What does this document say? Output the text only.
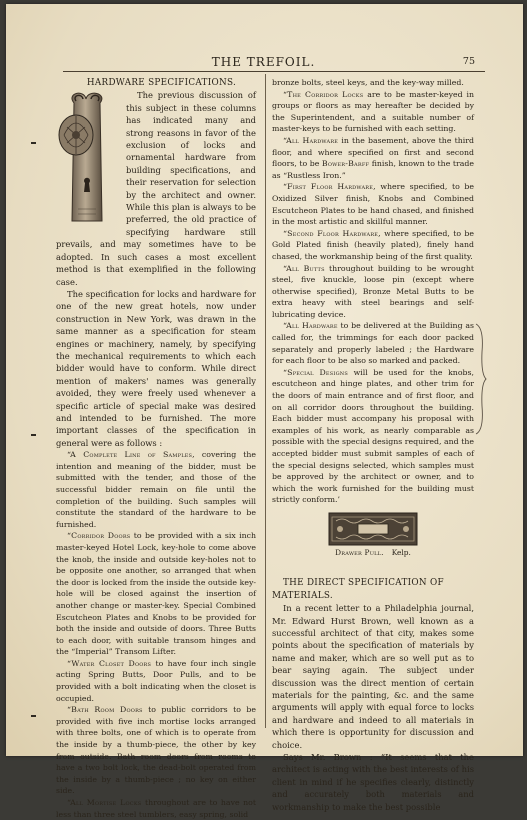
THE TREFOIL.	75

HARDWARE SPECIFICATIONS.

The previous discussion of this subject in these columns has indicated many and strong reasons in favor of the exclusion of locks and ornamental hardware from building specifications, and their reservation for selection by the architect and owner. While this plan is always to be preferred, the old practice of specifying hardware still prevails, and may sometimes have to be adopted. In such cases a most excellent method is that exemplified in the following case.

The specification for locks and hardware for one of the new great hotels, now under construction in New York, was drawn in the same manner as a specification for steam engines or machinery, namely, by specifying the mechanical requirements to which each bidder would have to conform. While direct mention of makers' names was generally avoided, they were freely used whenever a specific article of special make was desired and intended to be furnished. The more important classes of the specification in general were as follows :

“A Complete Line of Samples, covering the intention and meaning of the bidder, must be submitted with the tender, and those of the successful bidder remain on file until the completion of the building. Such samples will constitute the standard of the hardware to be furnished.

“Corridor Doors to be provided with a six inch master-keyed Hotel Lock, key-hole to come above the knob, the inside and outside key-holes not to be opposite one another, so arranged that when the door is locked from the inside the outside key-hole will be closed against the insertion of another change or master-key. Special Combined Escutcheon Plates and Knobs to be provided for both the inside and outside of doors. Three Butts to each door, with suitable transom hinges and the “Imperial” Transom Lifter.

“Water Closet Doors to have four inch single acting Spring Butts, Door Pulls, and to be provided with a bolt indicating when the closet is occupied.

“Bath Room Doors to public corridors to be provided with five inch mortise locks arranged with three bolts, one of which is to operate from the inside by a thumb-piece, the other by key from outside. Bath room doors from rooms to have a two bolt lock, the dead-bolt operated from the inside by a thumb-piece ; no key on either side.

“All Mortise Locks throughout are to have not less than three steel tumblers, easy spring, solid

bronze bolts, steel keys, and the key-way milled.

“The Corridor Locks are to be master-keyed in groups or floors as may hereafter be decided by the Superintendent, and a suitable number of master-keys to be furnished with each setting.

“All Hardware in the basement, above the third floor, and where specified on first and second floors, to be Bower-Barff finish, known to the trade as “Rustless Iron.”

“First Floor Hardware, where specified, to be Oxidized Silver finish, Knobs and Combined Escutcheon Plates to be hand chased, and finished in the most artistic and skillful manner.

“Second Floor Hardware, where specified, to be Gold Plated finish (heavily plated), finely hand chased, the workmanship being of the first quality.

“All Butts throughout building to be wrought steel, five knuckle, loose pin (except where otherwise specified), Bronze Metal Butts to be extra heavy with steel bearings and self-lubricating device.

“All Hardware to be delivered at the Building as called for, the trimmings for each door packed separately and properly labeled ; the Hardware for each floor to be also so marked and packed.

“Special Designs will be used for the knobs, escutcheon and hinge plates, and other trim for the doors of main entrance and of first floor, and on all corridor doors throughout the building. Each bidder must accompany his proposal with examples of his work, as nearly comparable as possible with the special designs required, and the accepted bidder must submit samples of each of the special designs selected, which samples must be approved by the architect or owner, and to which the work furnished for the building must strictly conform.’

Drawer Pull. Kelp.

THE DIRECT SPECIFICATION OF MATERIALS.

In a recent letter to a Philadelphia journal, Mr. Edward Hurst Brown, well known as a successful architect of that city, makes some points about the specification of materials by name and maker, which are so well put as to bear saying again. The subject under discussion was the direct mention of certain materials for the painting, &c. and the same arguments will apply with equal force to locks and hardware and indeed to all materials in which there is opportunity for discussion and choice.

Says Mr. Brown : “It seems that the architect is acting with the best interests of his client in mind if he specifies clearly, distinctly and accurately both materials and workmanship to make the best possible
